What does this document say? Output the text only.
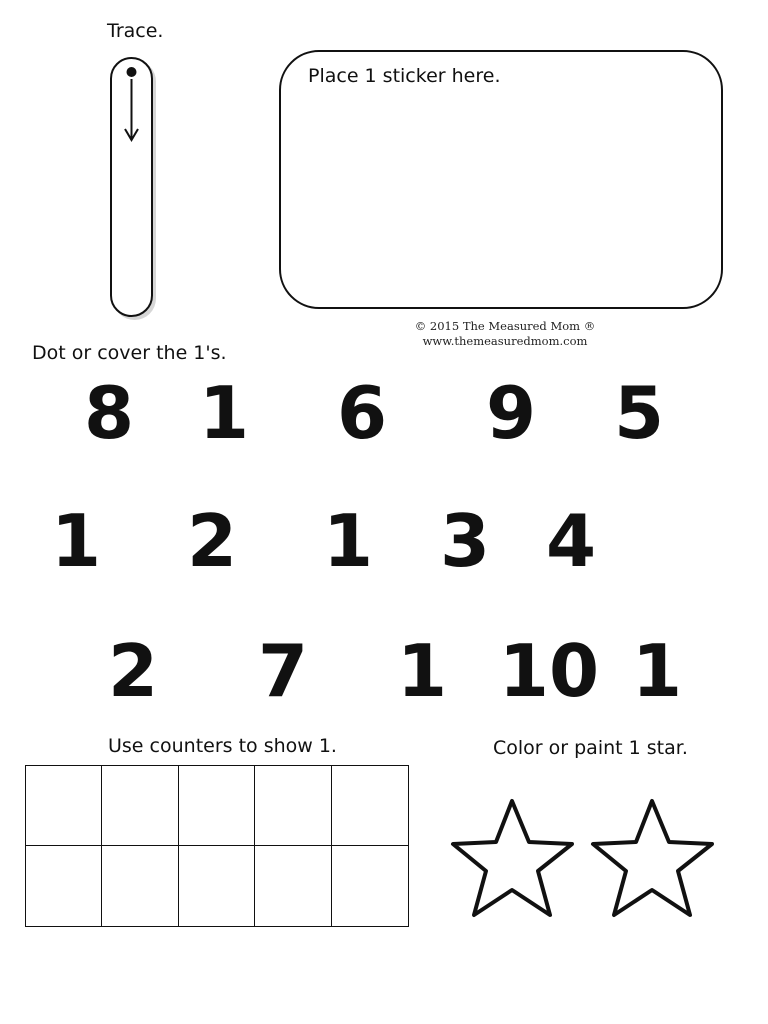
Trace.
Place 1 sticker here.
© 2015 The Measured Mom ®
www.themeasuredmom.com
Dot or cover the 1's.
8 1 6 9 5
1 2 1 3 4
2 7 1 10 1
Use counters to show 1.	Color or paint 1 star.
